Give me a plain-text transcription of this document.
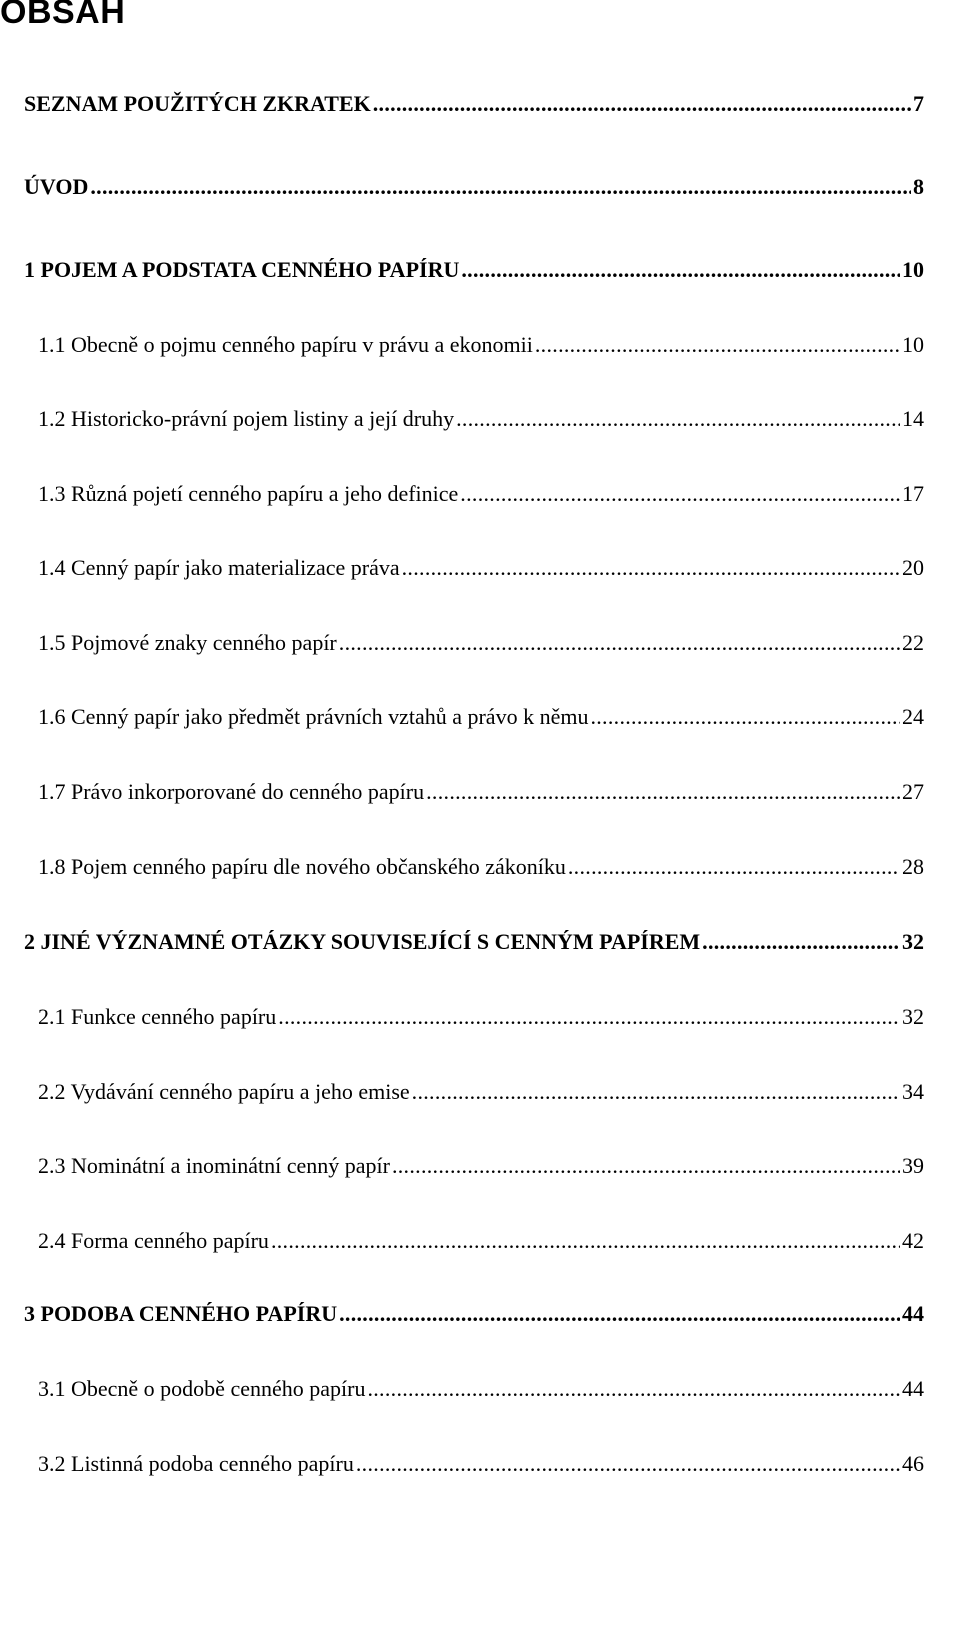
OBSAH
SEZNAM POUŽITÝCH ZKRATEK . . .	7
ÚVOD . . .	8
1 POJEM A PODSTATA CENNÉHO PAPÍRU . . .	10
1.1 Obecně o pojmu cenného papíru v právu a ekonomii . . .	10
1.2 Historicko-právní pojem listiny a její druhy . . .	14
1.3 Různá pojetí cenného papíru a jeho definice . . .	17
1.4 Cenný papír jako materializace práva . . .	20
1.5 Pojmové znaky cenného papír . . .	22
1.6 Cenný papír jako předmět právních vztahů a právo k němu . . .	24
1.7 Právo inkorporované do cenného papíru . . .	27
1.8 Pojem cenného papíru dle nového občanského zákoníku . . .	28
2 JINÉ VÝZNAMNÉ OTÁZKY SOUVISEJÍCÍ S CENNÝM PAPÍREM . . .	32
2.1 Funkce cenného papíru . . .	32
2.2 Vydávání cenného papíru a jeho emise . . .	34
2.3 Nominátní a inominátní cenný papír . . .	39
2.4 Forma cenného papíru . . .	42
3 PODOBA CENNÉHO PAPÍRU . . .	44
3.1 Obecně o podobě cenného papíru . . .	44
3.2 Listinná podoba cenného papíru . . .	46
